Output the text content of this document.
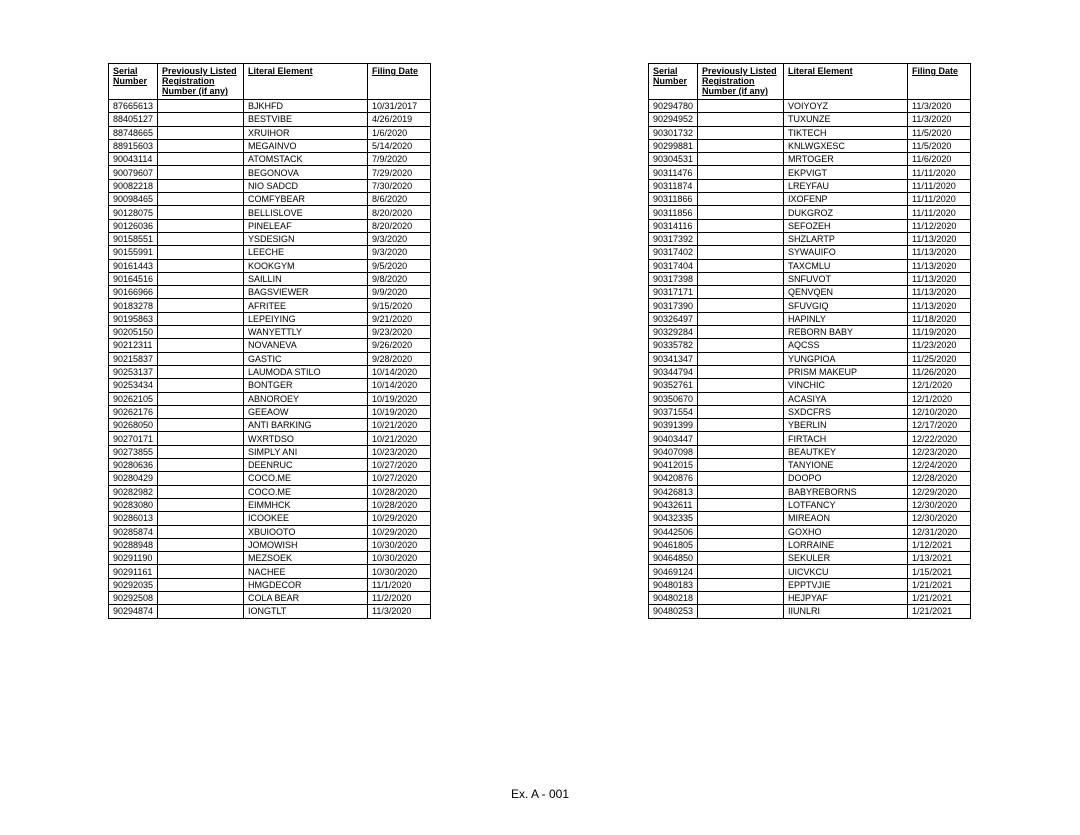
Serial Number	Previously Listed Registration Number (if any)	Literal Element	Filing Date
87665613		BJKHFD	10/31/2017
88405127		BESTVIBE	4/26/2019
88748665		XRUIHOR	1/6/2020
88915603		MEGAINVO	5/14/2020
90043114		ATOMSTACK	7/9/2020
90079607		BEGONOVA	7/29/2020
90082218		NIO SADCD	7/30/2020
90098465		COMFYBEAR	8/6/2020
90128075		BELLISLOVE	8/20/2020
90126036		PINELEAF	8/20/2020
90158551		YSDESIGN	9/3/2020
90155991		LEECHE	9/3/2020
90161443		KOOKGYM	9/5/2020
90164516		SAILLIN	9/8/2020
90166966		BAGSVIEWER	9/9/2020
90183278		AFRITEE	9/15/2020
90195863		LEPEIYING	9/21/2020
90205150		WANYETTLY	9/23/2020
90212311		NOVANEVA	9/26/2020
90215837		GASTIC	9/28/2020
90253137		LAUMODA STILO	10/14/2020
90253434		BONTGER	10/14/2020
90262105		ABNOROEY	10/19/2020
90262176		GEEAOW	10/19/2020
90268050		ANTI BARKING	10/21/2020
90270171		WXRTDSO	10/21/2020
90273855		SIMPLY ANI	10/23/2020
90280636		DEENRUC	10/27/2020
90280429		COCO.ME	10/27/2020
90282982		COCO.ME	10/28/2020
90283080		EIMMHCK	10/28/2020
90286013		ICOOKEE	10/29/2020
90285874		XBUIOOTO	10/29/2020
90288948		JOMOWISH	10/30/2020
90291190		MEZSOEK	10/30/2020
90291161		NACHEE	10/30/2020
90292035		HMGDECOR	11/1/2020
90292508		COLA BEAR	11/2/2020
90294874		IONGTLT	11/3/2020
Serial Number	Previously Listed Registration Number (if any)	Literal Element	Filing Date
90294780		VOIYOYZ	11/3/2020
90294952		TUXUNZE	11/3/2020
90301732		TIKTECH	11/5/2020
90299881		KNLWGXESC	11/5/2020
90304531		MRTOGER	11/6/2020
90311476		EKPVIGT	11/11/2020
90311874		LREYFAU	11/11/2020
90311866		IXOFENP	11/11/2020
90311856		DUKGROZ	11/11/2020
90314116		SEFOZEH	11/12/2020
90317392		SHZLARTP	11/13/2020
90317402		SYWAUIFO	11/13/2020
90317404		TAXCMLU	11/13/2020
90317398		SNFUVOT	11/13/2020
90317171		QENVQEN	11/13/2020
90317390		SFUVGIQ	11/13/2020
90326497		HAPINLY	11/18/2020
90329284		REBORN BABY	11/19/2020
90335782		AQCSS	11/23/2020
90341347		YUNGPIOA	11/25/2020
90344794		PRISM MAKEUP	11/26/2020
90352761		VINCHIC	12/1/2020
90350670		ACASIYA	12/1/2020
90371554		SXDCFRS	12/10/2020
90391399		YBERLIN	12/17/2020
90403447		FIRTACH	12/22/2020
90407098		BEAUTKEY	12/23/2020
90412015		TANYIONE	12/24/2020
90420876		DOOPO	12/28/2020
90426813		BABYREBORNS	12/29/2020
90432611		LOTFANCY	12/30/2020
90432335		MIREAON	12/30/2020
90442506		GOXHO	12/31/2020
90461805		LORRAINE	1/12/2021
90464850		SEKULER	1/13/2021
90469124		UICVKCU	1/15/2021
90480183		EPPTVJIE	1/21/2021
90480218		HEJPYAF	1/21/2021
90480253		IIUNLRI	1/21/2021
Ex. A - 001
